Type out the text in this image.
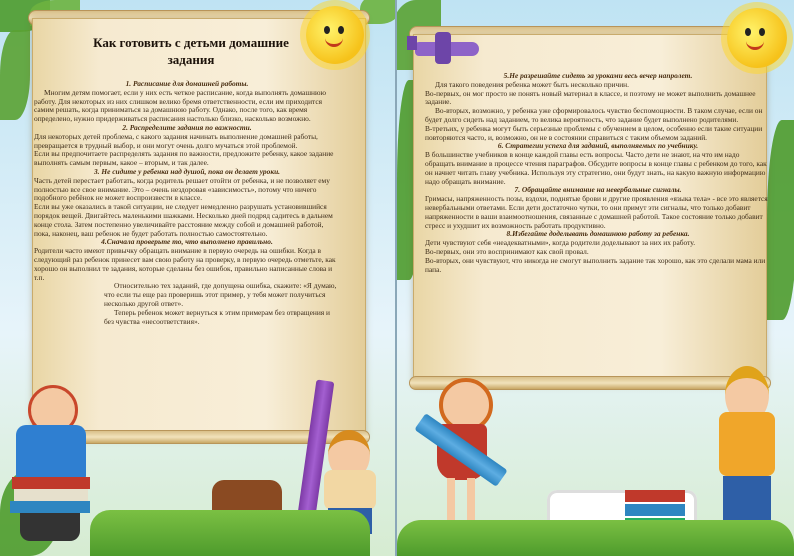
Как готовить с детьми домашние задания

1. Расписание для домашней работы.

Многим детям помогает, если у них есть четкое расписание, когда выполнять домашнюю работу. Для некоторых из них слишком велико бремя ответственности, если им приходится самим решать, когда приниматься за домашнюю работу. Однако, после того, как время определено, нужно придерживаться расписания настолько близко, насколько возможно.

2. Распределите задания по важности.

Для некоторых детей проблема, с какого задания начинать выполнение домашней работы, превращается в трудный выбор, и они могут очень долго мучаться этой проблемой.

Если вы предпочитаете распределять задания по важности, предложите ребенку, какое задание выполнять самым первым, какое – вторым, и так далее.

3. Не сидите у ребенка над душой, пока он делает уроки.

Часть детей перестает работать, когда родитель решает отойти от ребенка, и не позволяет ему полностью все свое внимание. Это – очень нездоровая «зависимость», потому что ничего подобного ребёнок не может воспроизвести в классе.

Если вы уже оказались в такой ситуации, не следует немедленно разрушать установившийся порядок вещей. Двигайтесь маленькими шажками. Несколько дней подряд садитесь в дальнем конце стола. Затем постепенно увеличивайте расстояние между собой и домашней работой, пока, наконец, ваш ребенок не будет работать полностью самостоятельно.

4.Сначала проверьте то, что выполнено правильно.

Родители часто имеют привычку обращать внимание в первую очередь на ошибки. Когда в следующий раз ребенок принесет вам свою работу на проверку, в первую очередь отметьте, как хорошо он выполнил те задания, которые сделаны без ошибок, правильно написанные слова и т.п.

Относительно тех заданий, где допущена ошибка, скажите: «Я думаю, что если ты еще раз проверишь этот пример, у тебя может получиться несколько другой ответ».

Теперь ребенок может вернуться к этим примерам без отвращения и без чувства «несоответствия».

5.Не разрешайте сидеть за уроками весь вечер напролет.

Для такого поведения ребенка может быть несколько причин.

Во-первых, он мог просто не понять новый материал в классе, и поэтому не может выполнить домашнее задание.

Во-вторых, возможно, у ребенка уже сформировалось чувство беспомощности. В таком случае, если он будет долго сидеть над заданием, то велика вероятность, что задание будет выполнено родителями.

В-третьих, у ребенка могут быть серьезные проблемы с обучением в целом, особенно если такие ситуации повторяются часто, и, возможно, он не в состоянии справиться с таким объемом заданий.

6. Стратегии успеха для заданий, выполняемых по учебнику.

В большинстве учебников в конце каждой главы есть вопросы. Часто дети не знают, на что им надо обращать внимание в процессе чтения параграфов. Обсудите вопросы в конце главы с ребенком до того, как он начнет читать главу учебника. Используя эту стратегию, они будут знать, на какую важную информацию надо обращать внимание.

7. Обращайте внимание на невербальные сигналы.

Гримасы, напряженность позы, вздохи, поднятые брови и другие проявления «языка тела» - все это является невербальными ответами. Если дети достаточно чутки, то они примут эти сигналы, что только добавит напряженности в ваши взаимоотношения, связанные с домашней работой. Такое состояние только добавит стресс и ухудшит их возможность работать продуктивно.

8.Избегайте доделывать домашнюю работу за ребенка.

Дети чувствуют себя «неадекватными», когда родители доделывают за них их работу.

Во-первых, они это воспринимают как свой провал.

Во-вторых, они чувствуют, что никогда не смогут выполнить задание так хорошо, как это сделали мама или папа.
